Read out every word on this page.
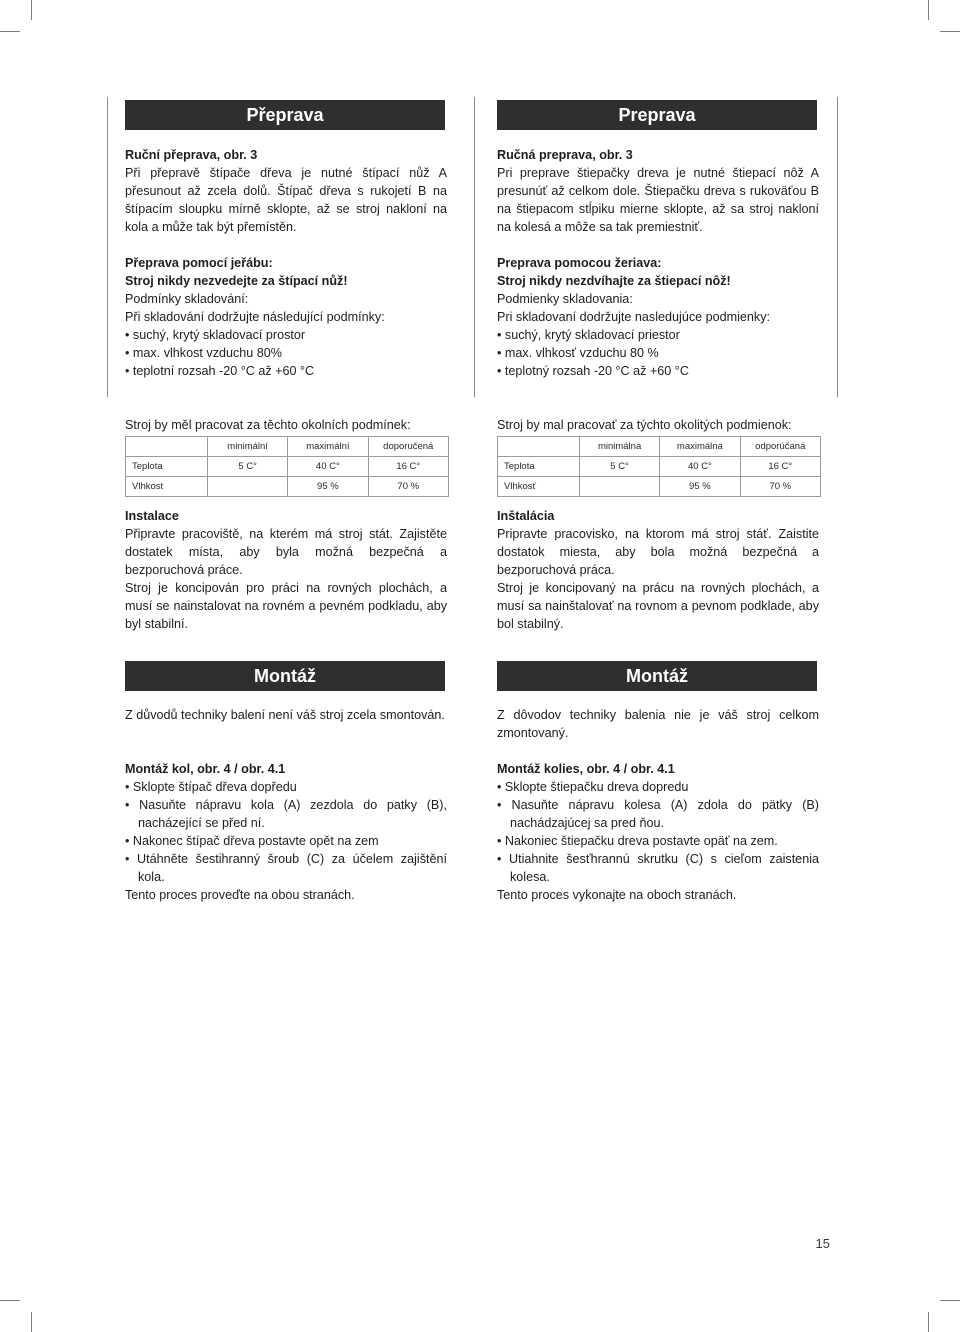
Přeprava

Ruční přeprava, obr. 3

Při přepravě štípače dřeva je nutné štípací nůž A přesunout až zcela dolů. Štípač dřeva s rukojetí B na štípacím sloupku mírně sklopte, až se stroj nakloní na kola a může tak být přemístěn.

Přeprava pomocí jeřábu:

Stroj nikdy nezvedejte za štípací nůž!

Podmínky skladování:

Při skladování dodržujte následující podmínky:

• suchý, krytý skladovací prostor
• max. vlhkost vzduchu 80%
• teplotní rozsah -20 °C až +60 °C
Stroj by měl pracovat za těchto okolních podmínek:
	minimální	maximální	doporučená
Teplota	5 C°	40 C°	16 C°
Vlhkost		95 %	70 %

Instalace

Připravte pracoviště, na kterém má stroj stát. Zajistěte dostatek místa, aby byla možná bezpečná a bezporuchová práce.

Stroj je koncipován pro práci na rovných plochách, a musí se nainstalovat na rovném a pevném podkladu, aby byl stabilní.

Montáž

Z důvodů techniky balení není váš stroj zcela smontován.

Montáž kol, obr. 4 / obr. 4.1

• Sklopte štípač dřeva dopředu
• Nasuňte nápravu kola (A) zezdola do patky (B), nacházející se před ní.
• Nakonec štípač dřeva postavte opět na zem
• Utáhněte šestihranný šroub (C) za účelem zajištění kola.

Tento proces proveďte na obou stranách.

Preprava

Ručná preprava, obr. 3

Pri preprave štiepačky dreva je nutné štiepací nôž A presunúť až celkom dole. Štiepačku dreva s rukoväťou B na štiepacom stĺpiku mierne sklopte, až sa stroj nakloní na kolesá a môže sa tak premiestniť.

Preprava pomocou žeriava:

Stroj nikdy nezdvíhajte za štiepací nôž!

Podmienky skladovania:

Pri skladovaní dodržujte nasledujúce podmienky:

• suchý, krytý skladovací priestor
• max. vlhkosť vzduchu 80 %
• teplotný rozsah -20 °C až +60 °C
Stroj by mal pracovať za týchto okolitých podmienok:
	minimálna	maximálna	odporúčaná
Teplota	5 C°	40 C°	16 C°
Vlhkosť		95 %	70 %

Inštalácia

Pripravte pracovisko, na ktorom má stroj stáť. Zaistite dostatok miesta, aby bola možná bezpečná a bezporuchová práca.

Stroj je koncipovaný na prácu na rovných plochách, a musí sa nainštalovať na rovnom a pevnom podklade, aby bol stabilný.

Montáž

Z dôvodov techniky balenia nie je váš stroj celkom zmontovaný.

Montáž kolies, obr. 4 / obr. 4.1

• Sklopte štiepačku dreva dopredu
• Nasuňte nápravu kolesa (A) zdola do pätky (B) nachádzajúcej sa pred ňou.
• Nakoniec štiepačku dreva postavte opäť na zem.
• Utiahnite šesťhrannú skrutku (C) s cieľom zaistenia kolesa.

Tento proces vykonajte na oboch stranách.

15
